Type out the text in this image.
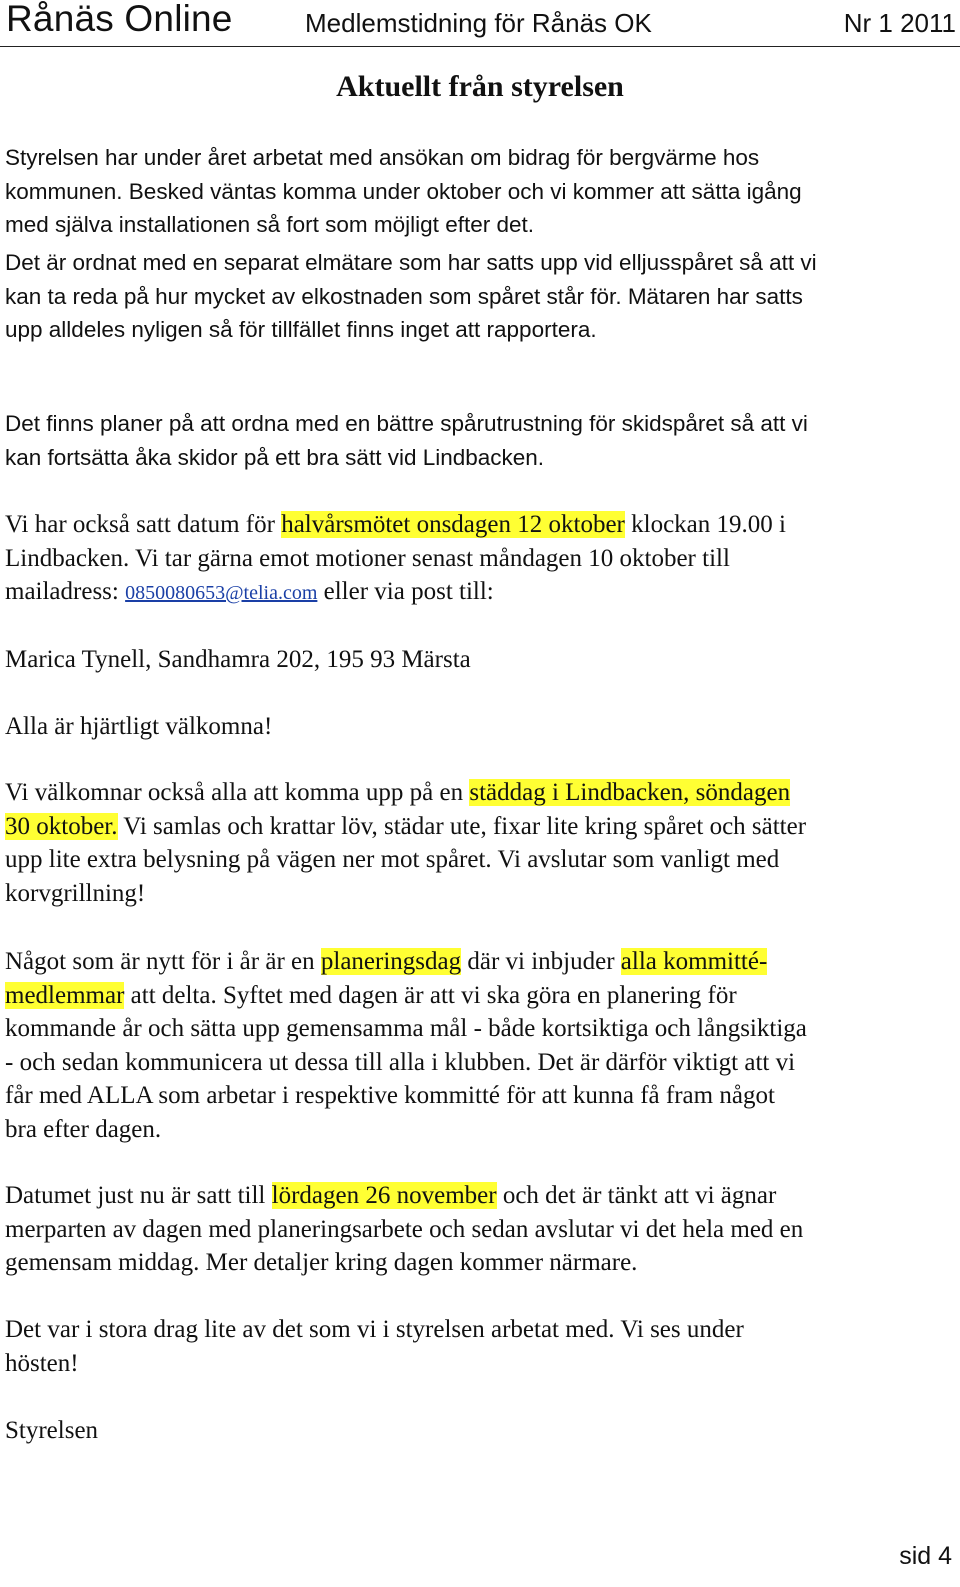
Rånäs Online	Medlemstidning för Rånäs OK	Nr 1 2011
Aktuellt från styrelsen

Styrelsen har under året arbetat med ansökan om bidrag för bergvärme hos
kommunen. Besked väntas komma under oktober och vi kommer att sätta igång
med själva installationen så fort som möjligt efter det.

Det är ordnat med en separat elmätare som har satts upp vid elljusspåret så att vi
kan ta reda på hur mycket av elkostnaden som spåret står för. Mätaren har satts
upp alldeles nyligen så för tillfället finns inget att rapportera.

Det finns planer på att ordna med en bättre spårutrustning för skidspåret så att vi
kan fortsätta åka skidor på ett bra sätt vid Lindbacken.

Vi har också satt datum för halvårsmötet onsdagen 12 oktober klockan 19.00 i
Lindbacken. Vi tar gärna emot motioner senast måndagen 10 oktober till
mailadress: 0850080653@telia.com eller via post till:

Marica Tynell, Sandhamra 202, 195 93 Märsta

Alla är hjärtligt välkomna!

Vi välkomnar också alla att komma upp på en städdag i Lindbacken, söndagen
30 oktober. Vi samlas och krattar löv, städar ute, fixar lite kring spåret och sätter
upp lite extra belysning på vägen ner mot spåret. Vi avslutar som vanligt med
korvgrillning!

Något som är nytt för i år är en planeringsdag där vi inbjuder alla kommitté-
medlemmar att delta. Syftet med dagen är att vi ska göra en planering för
kommande år och sätta upp gemensamma mål - både kortsiktiga och långsiktiga
- och sedan kommunicera ut dessa till alla i klubben. Det är därför viktigt att vi
får med ALLA som arbetar i respektive kommitté för att kunna få fram något
bra efter dagen.

Datumet just nu är satt till lördagen 26 november och det är tänkt att vi ägnar
merparten av dagen med planeringsarbete och sedan avslutar vi det hela med en
gemensam middag. Mer detaljer kring dagen kommer närmare.

Det var i stora drag lite av det som vi i styrelsen arbetat med. Vi ses under
hösten!

Styrelsen

sid 4
